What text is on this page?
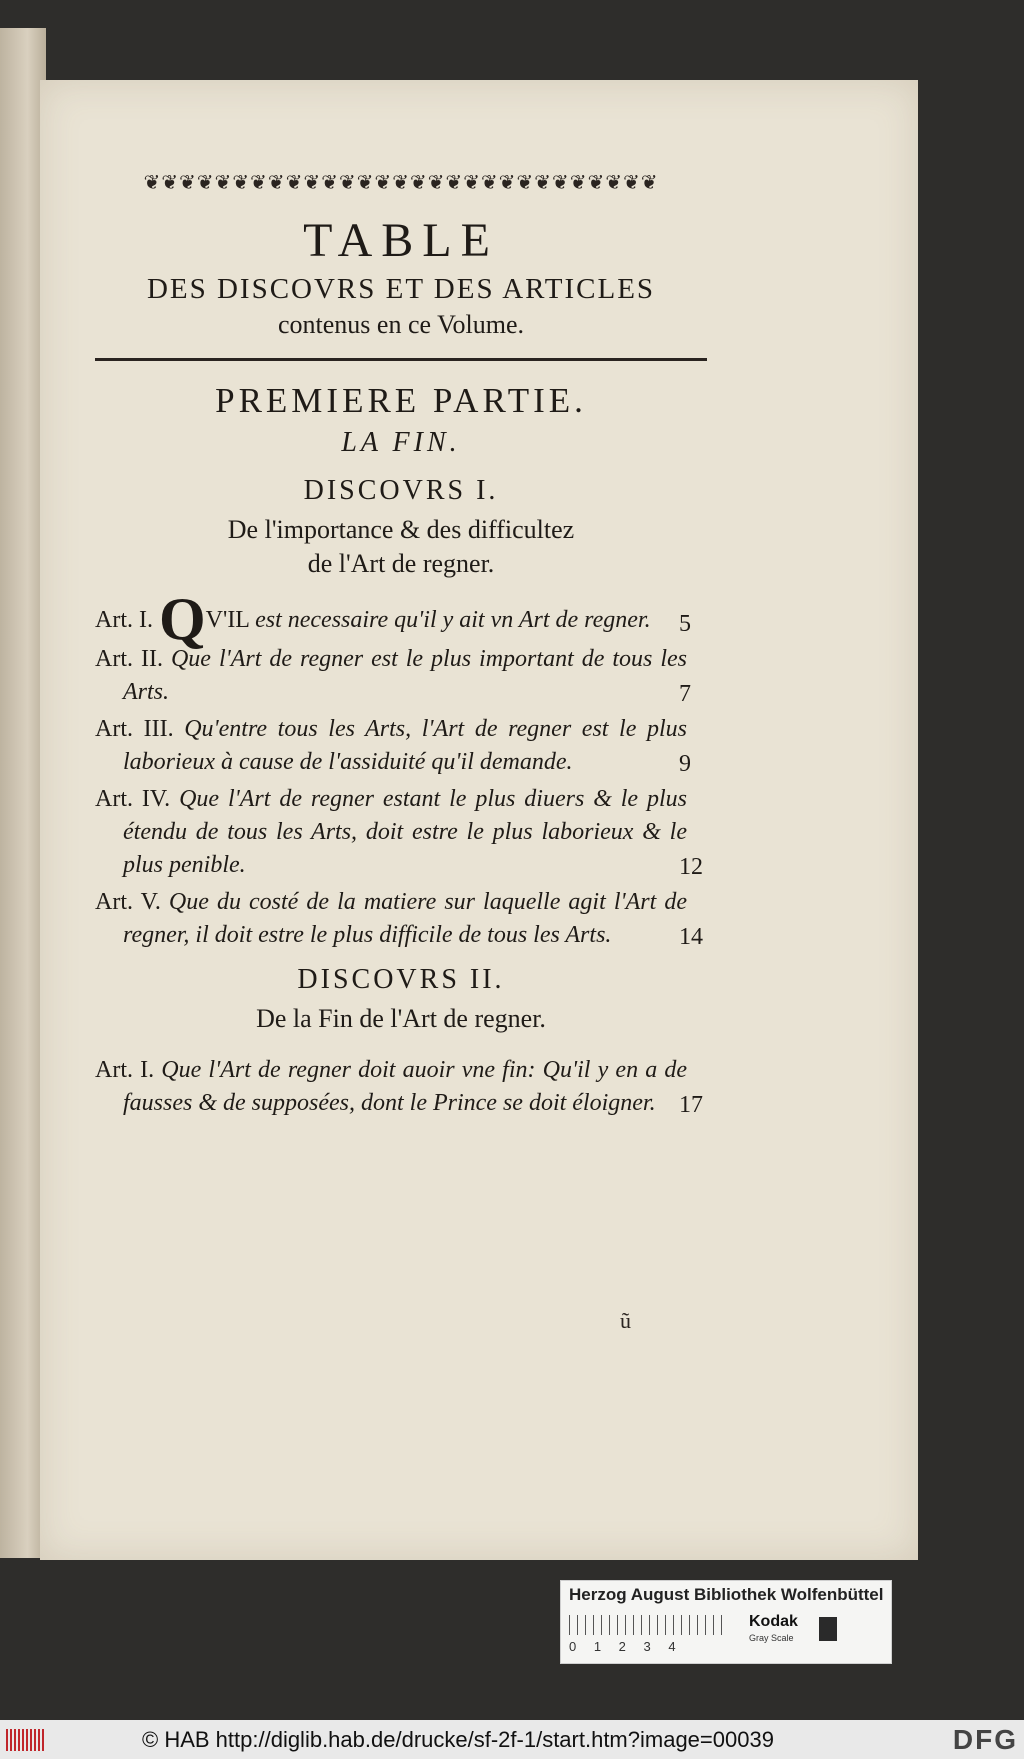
❦❦❦❦❦❦❦❦❦❦❦❦❦❦❦❦❦❦❦❦❦❦❦❦❦❦❦❦❦
TABLE
DES DISCOVRS ET DES ARTICLES
contenus en ce Volume.
PREMIERE PARTIE.
LA FIN.
DISCOVRS I.
De l'importance & des difficultez
de l'Art de regner.
Art. I. QV'IL est necessaire qu'il y ait vn Art de regner. 5
Art. II. Que l'Art de regner est le plus important de tous les Arts.	7
Art. III. Qu'entre tous les Arts, l'Art de regner est le plus laborieux à cause de l'assiduité qu'il demande.	9
Art. IV. Que l'Art de regner estant le plus diuers & le plus étendu de tous les Arts, doit estre le plus laborieux & le plus penible.	12
Art. V. Que du costé de la matiere sur laquelle agit l'Art de regner, il doit estre le plus difficile de tous les Arts.	14
DISCOVRS II.
De la Fin de l'Art de regner.
Art. I. Que l'Art de regner doit auoir vne fin: Qu'il y en a de fausses & de supposées, dont le Prince se doit éloigner. 17
ũ
Herzog August Bibliothek Wolfenbüttel
0 1 2 3 4
Kodak
Gray Scale
© HAB http://diglib.hab.de/drucke/sf-2f-1/start.htm?image=00039	DFG
